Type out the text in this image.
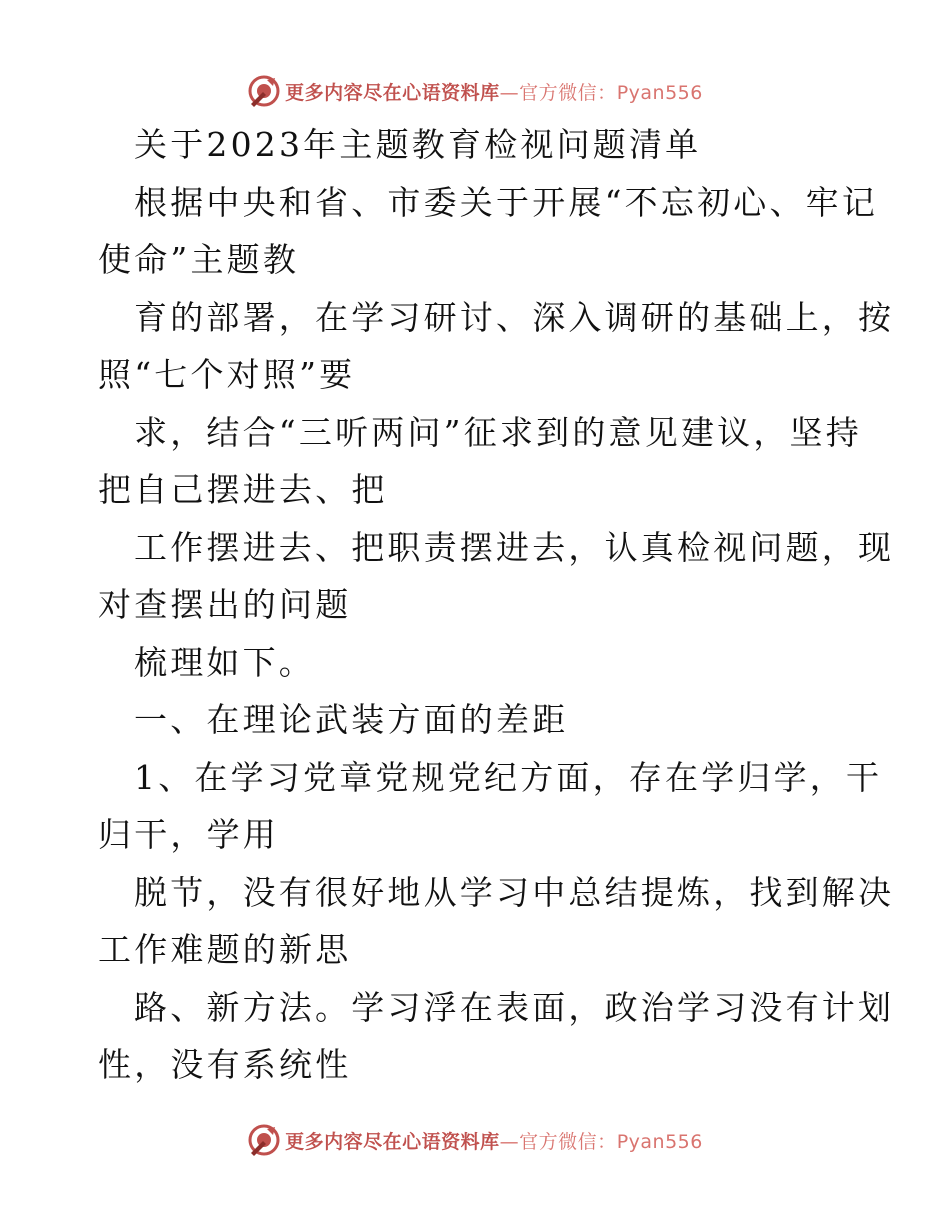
更多内容尽在心语资料库—官方微信：Pyan556

关于2023年主题教育检视问题清单

根据中央和省、市委关于开展“不忘初心、牢记

使命”主题教

育的部署，在学习研讨、深入调研的基础上，按

照“七个对照”要

求，结合“三听两问”征求到的意见建议，坚持

把自己摆进去、把

工作摆进去、把职责摆进去，认真检视问题，现

对查摆出的问题

梳理如下。

一、在理论武装方面的差距

1、在学习党章党规党纪方面，存在学归学，干

归干，学用

脱节，没有很好地从学习中总结提炼，找到解决

工作难题的新思

路、新方法。学习浮在表面，政治学习没有计划

性，没有系统性

更多内容尽在心语资料库—官方微信：Pyan556
